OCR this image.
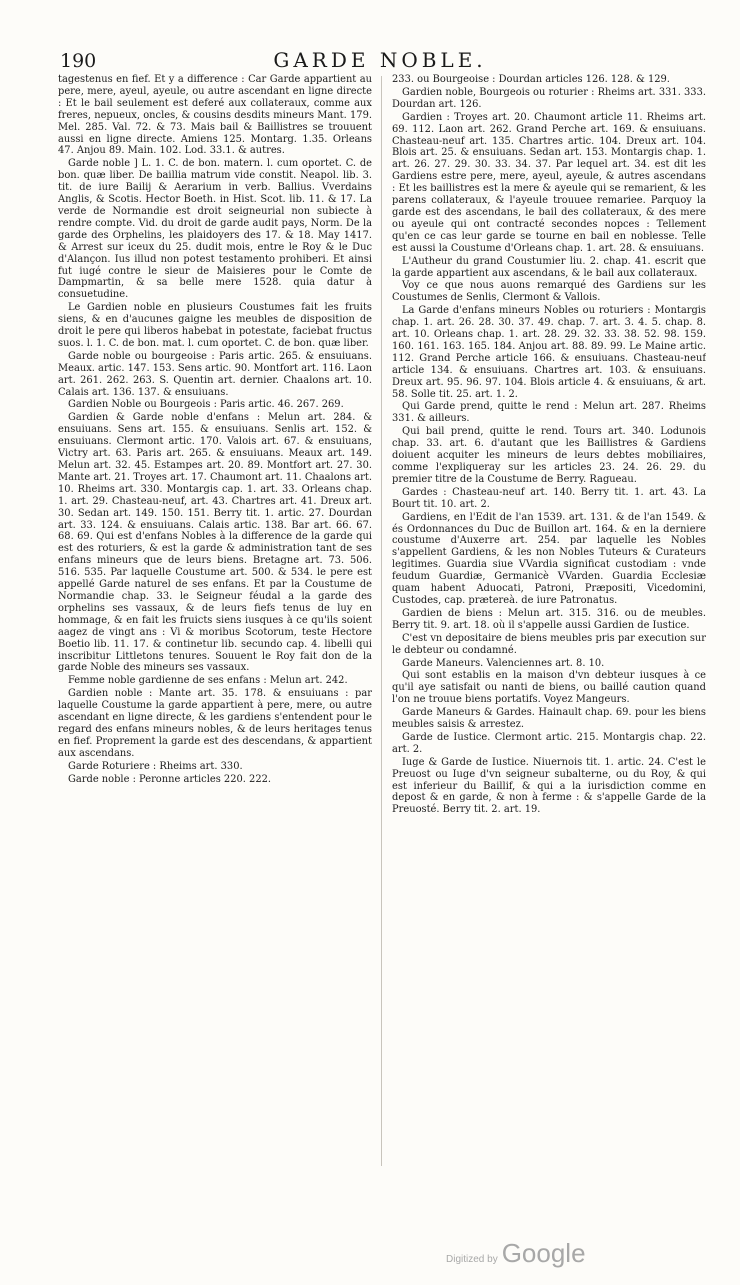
190	GARDE NOBLE.

tagestenus en fief. Et y a difference : Car Garde appartient au pere, mere, ayeul, ayeule, ou autre ascendant en ligne directe : Et le bail seulement est deferé aux collateraux, comme aux freres, nepueux, oncles, & cousins desdits mineurs Mant. 179. Mel. 285. Val. 72. & 73. Mais bail & Baillistres se trouuent aussi en ligne directe. Amiens 125. Montarg. 1.35. Orleans 47. Anjou 89. Main. 102. Lod. 33.1. & autres.

Garde noble ] L. 1. C. de bon. matern. l. cum oportet. C. de bon. quæ liber. De baillia matrum vide constit. Neapol. lib. 3. tit. de iure Bailij & Aerarium in verb. Ballius. Vverdains Anglis, & Scotis. Hector Boeth. in Hist. Scot. lib. 11. & 17. La verde de Normandie est droit seigneurial non subiecte à rendre compte. Vid. du droit de garde audit pays, Norm. De la garde des Orphelins, les plaidoyers des 17. & 18. May 1417. & Arrest sur iceux du 25. dudit mois, entre le Roy & le Duc d'Alançon. Ius illud non potest testamento prohiberi. Et ainsi fut iugé contre le sieur de Maisieres pour le Comte de Dampmartin, & sa belle mere 1528. quia datur à consuetudine.

Le Gardien noble en plusieurs Coustumes fait les fruits siens, & en d'aucunes gaigne les meubles de disposition de droit le pere qui liberos habebat in potestate, faciebat fructus suos. l. 1. C. de bon. mat. l. cum oportet. C. de bon. quæ liber.

Garde noble ou bourgeoise : Paris artic. 265. & ensuiuans. Meaux. artic. 147. 153. Sens artic. 90. Montfort art. 116. Laon art. 261. 262. 263. S. Quentin art. dernier. Chaalons art. 10. Calais art. 136. 137. & ensuiuans.

Gardien Noble ou Bourgeois : Paris artic. 46. 267. 269.

Gardien & Garde noble d'enfans : Melun art. 284. & ensuiuans. Sens art. 155. & ensuiuans. Senlis art. 152. & ensuiuans. Clermont artic. 170. Valois art. 67. & ensuiuans, Victry art. 63. Paris art. 265. & ensuiuans. Meaux art. 149. Melun art. 32. 45. Estampes art. 20. 89. Montfort art. 27. 30. Mante art. 21. Troyes art. 17. Chaumont art. 11. Chaalons art. 10. Rheims art. 330. Montargis cap. 1. art. 33. Orleans chap. 1. art. 29. Chasteau-neuf, art. 43. Chartres art. 41. Dreux art. 30. Sedan art. 149. 150. 151. Berry tit. 1. artic. 27. Dourdan art. 33. 124. & ensuiuans. Calais artic. 138. Bar art. 66. 67. 68. 69. Qui est d'enfans Nobles à la difference de la garde qui est des roturiers, & est la garde & administration tant de ses enfans mineurs que de leurs biens. Bretagne art. 73. 506. 516. 535. Par laquelle Coustume art. 500. & 534. le pere est appellé Garde naturel de ses enfans. Et par la Coustume de Normandie chap. 33. le Seigneur féudal a la garde des orphelins ses vassaux, & de leurs fiefs tenus de luy en hommage, & en fait les fruicts siens iusques à ce qu'ils soient aagez de vingt ans : Vi & moribus Scotorum, teste Hectore Boetio lib. 11. 17. & continetur lib. secundo cap. 4. libelli qui inscribitur Littletons tenures. Souuent le Roy fait don de la garde Noble des mineurs ses vassaux.

Femme noble gardienne de ses enfans : Melun art. 242.

Gardien noble : Mante art. 35. 178. & ensuiuans : par laquelle Coustume la garde appartient à pere, mere, ou autre ascendant en ligne directe, & les gardiens s'entendent pour le regard des enfans mineurs nobles, & de leurs heritages tenus en fief. Proprement la garde est des descendans, & appartient aux ascendans.

Garde Roturiere : Rheims art. 330.

Garde noble : Peronne articles 220. 222.

233. ou Bourgeoise : Dourdan articles 126. 128. & 129.

Gardien noble, Bourgeois ou roturier : Rheims art. 331. 333. Dourdan art. 126.

Gardien : Troyes art. 20. Chaumont article 11. Rheims art. 69. 112. Laon art. 262. Grand Perche art. 169. & ensuiuans. Chasteau-neuf art. 135. Chartres artic. 104. Dreux art. 104. Blois art. 25. & ensuiuans. Sedan art. 153. Montargis chap. 1. art. 26. 27. 29. 30. 33. 34. 37. Par lequel art. 34. est dit les Gardiens estre pere, mere, ayeul, ayeule, & autres ascendans : Et les baillistres est la mere & ayeule qui se remarient, & les parens collateraux, & l'ayeule trouuee remariee. Parquoy la garde est des ascendans, le bail des collateraux, & des mere ou ayeule qui ont contracté secondes nopces : Tellement qu'en ce cas leur garde se tourne en bail en noblesse. Telle est aussi la Coustume d'Orleans chap. 1. art. 28. & ensuiuans.

L'Autheur du grand Coustumier liu. 2. chap. 41. escrit que la garde appartient aux ascendans, & le bail aux collateraux.

Voy ce que nous auons remarqué des Gardiens sur les Coustumes de Senlis, Clermont & Vallois.

La Garde d'enfans mineurs Nobles ou roturiers : Montargis chap. 1. art. 26. 28. 30. 37. 49. chap. 7. art. 3. 4. 5. chap. 8. art. 10. Orleans chap. 1. art. 28. 29. 32. 33. 38. 52. 98. 159. 160. 161. 163. 165. 184. Anjou art. 88. 89. 99. Le Maine artic. 112. Grand Perche article 166. & ensuiuans. Chasteau-neuf article 134. & ensuiuans. Chartres art. 103. & ensuiuans. Dreux art. 95. 96. 97. 104. Blois article 4. & ensuiuans, & art. 58. Solle tit. 25. art. 1. 2.

Qui Garde prend, quitte le rend : Melun art. 287. Rheims 331. & ailleurs.

Qui bail prend, quitte le rend. Tours art. 340. Lodunois chap. 33. art. 6. d'autant que les Baillistres & Gardiens doiuent acquiter les mineurs de leurs debtes mobiliaires, comme l'expliqueray sur les articles 23. 24. 26. 29. du premier titre de la Coustume de Berry. Ragueau.

Gardes : Chasteau-neuf art. 140. Berry tit. 1. art. 43. La Bourt tit. 10. art. 2.

Gardiens, en l'Edit de l'an 1539. art. 131. & de l'an 1549. & és Ordonnances du Duc de Buillon art. 164. & en la derniere coustume d'Auxerre art. 254. par laquelle les Nobles s'appellent Gardiens, & les non Nobles Tuteurs & Curateurs legitimes. Guardia siue VVardia significat custodiam : vnde feudum Guardiæ, Germanicè VVarden. Guardia Ecclesiæ quam habent Aduocati, Patroni, Præpositi, Vicedomini, Custodes, cap. prætereà. de iure Patronatus.

Gardien de biens : Melun art. 315. 316. ou de meubles. Berry tit. 9. art. 18. où il s'appelle aussi Gardien de Iustice.

C'est vn depositaire de biens meubles pris par execution sur le debteur ou condamné.

Garde Maneurs. Valenciennes art. 8. 10.

Qui sont establis en la maison d'vn debteur iusques à ce qu'il aye satisfait ou nanti de biens, ou baillé caution quand l'on ne trouue biens portatifs. Voyez Mangeurs.

Garde Maneurs & Gardes. Hainault chap. 69. pour les biens meubles saisis & arrestez.

Garde de Iustice. Clermont artic. 215. Montargis chap. 22. art. 2.

Iuge & Garde de Iustice. Niuernois tit. 1. artic. 24. C'est le Preuost ou Iuge d'vn seigneur subalterne, ou du Roy, & qui est inferieur du Baillif, & qui a la iurisdiction comme en depost & en garde, & non à ferme : & s'appelle Garde de la Preuosté. Berry tit. 2. art. 19.

Digitized by Google
